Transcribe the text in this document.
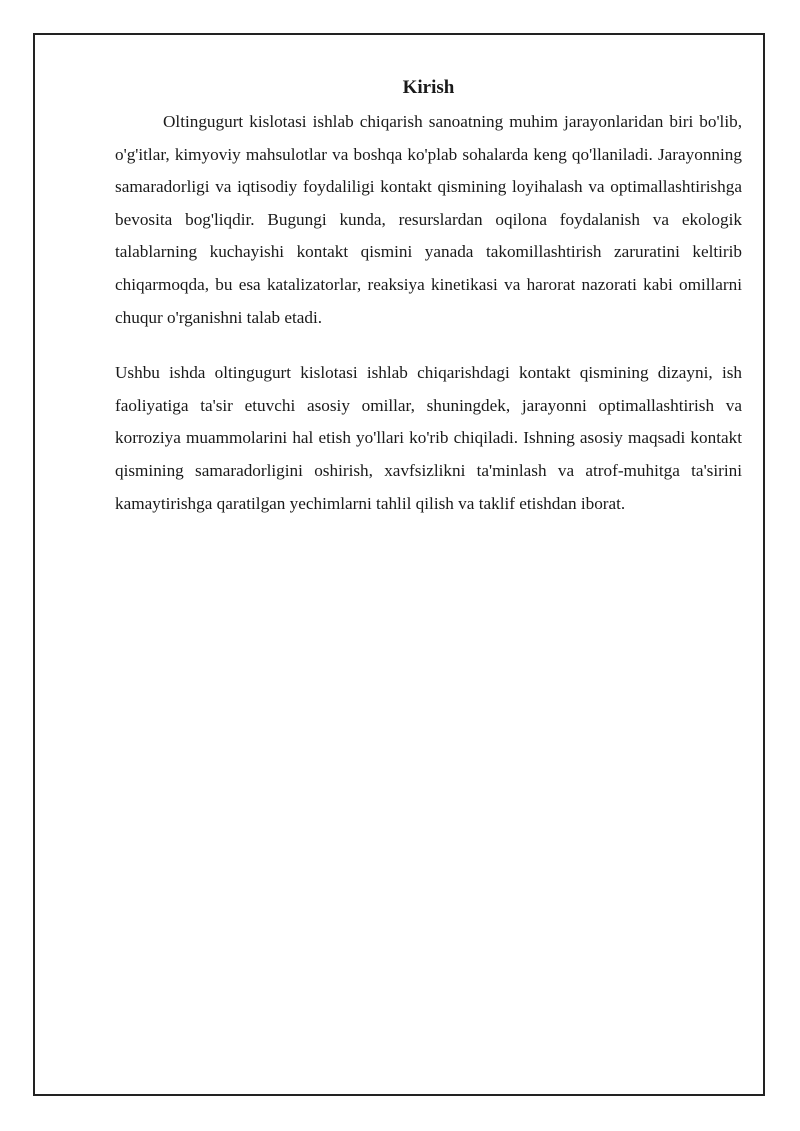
Kirish

Oltingugurt kislotasi ishlab chiqarish sanoatning muhim jarayonlaridan biri bo'lib, o'g'itlar, kimyoviy mahsulotlar va boshqa ko'plab sohalarda keng qo'llaniladi. Jarayonning samaradorligi va iqtisodiy foydaliligi kontakt qismining loyihalash va optimallashtirishga bevosita bog'liqdir. Bugungi kunda, resurslardan oqilona foydalanish va ekologik talablarning kuchayishi kontakt qismini yanada takomillashtirish zaruratini keltirib chiqarmoqda, bu esa katalizatorlar, reaksiya kinetikasi va harorat nazorati kabi omillarni chuqur o'rganishni talab etadi.

Ushbu ishda oltingugurt kislotasi ishlab chiqarishdagi kontakt qismining dizayni, ish faoliyatiga ta'sir etuvchi asosiy omillar, shuningdek, jarayonni optimallashtirish va korroziya muammolarini hal etish yo'llari ko'rib chiqiladi. Ishning asosiy maqsadi kontakt qismining samaradorligini oshirish, xavfsizlikni ta'minlash va atrof-muhitga ta'sirini kamaytirishga qaratilgan yechimlarni tahlil qilish va taklif etishdan iborat.
